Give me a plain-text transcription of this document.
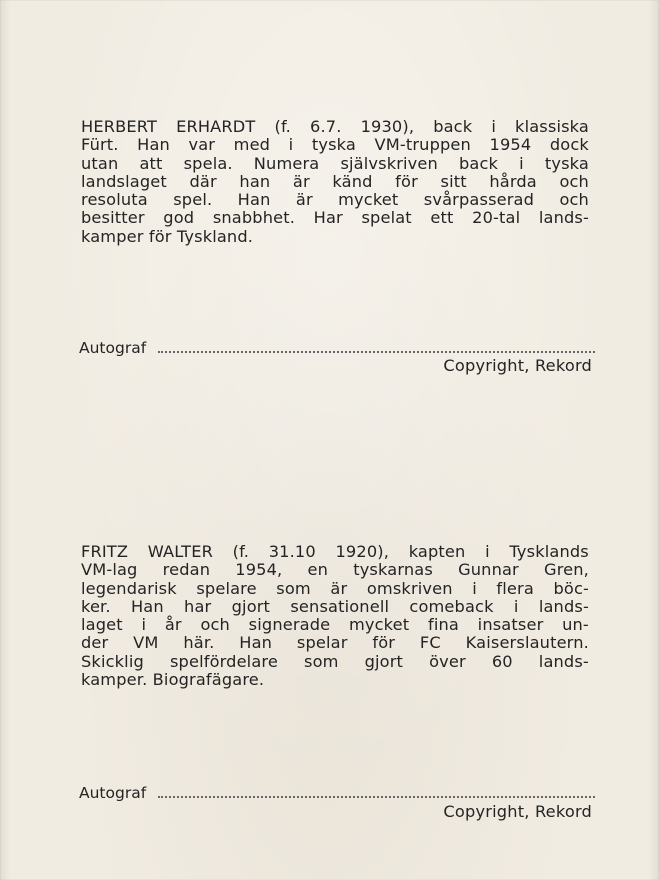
HERBERT ERHARDT (f. 6.7. 1930), back i klassiska
Fürt. Han var med i tyska VM-truppen 1954 dock
utan att spela. Numera självskriven back i tyska
landslaget där han är känd för sitt hårda och
resoluta spel. Han är mycket svårpasserad och
besitter god snabbhet. Har spelat ett 20-tal lands-
kamper för Tyskland.
Autograf
Copyright, Rekord
FRITZ WALTER (f. 31.10 1920), kapten i Tysklands
VM-lag redan 1954, en tyskarnas Gunnar Gren,
legendarisk spelare som är omskriven i flera böc-
ker. Han har gjort sensationell comeback i lands-
laget i år och signerade mycket fina insatser un-
der VM här. Han spelar för FC Kaiserslautern.
Skicklig spelfördelare som gjort över 60 lands-
kamper. Biografägare.
Autograf
Copyright, Rekord
